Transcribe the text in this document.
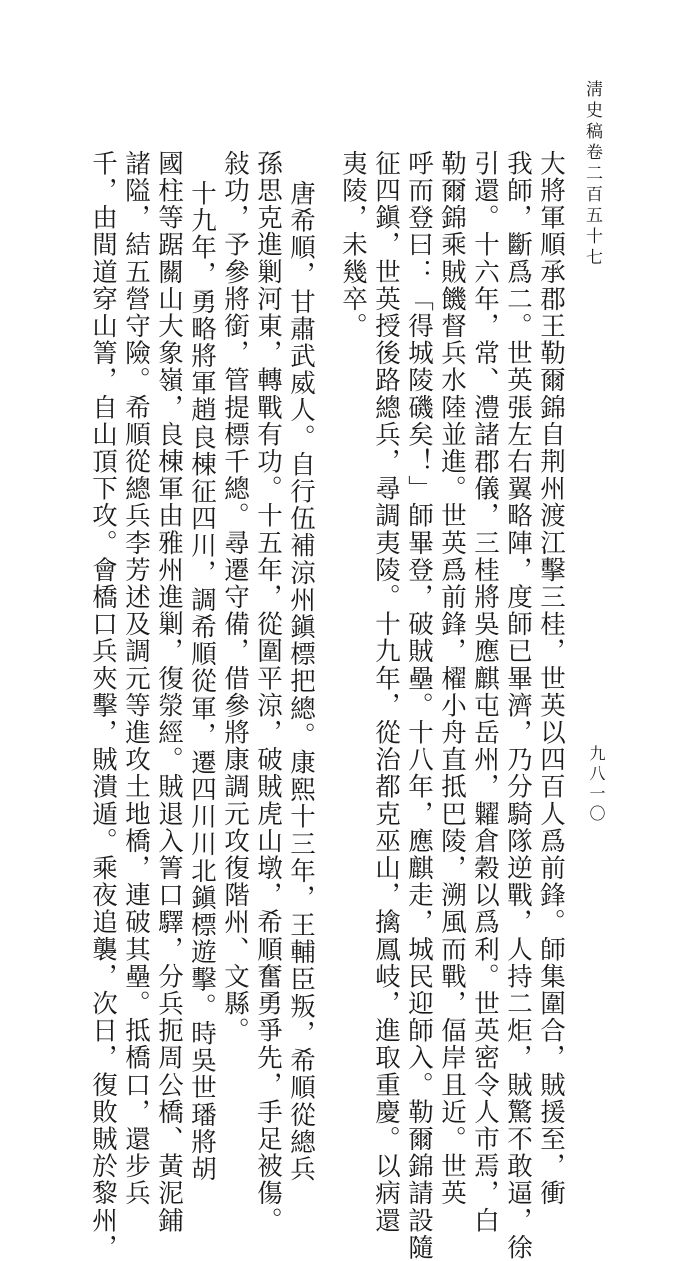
淸史稿卷二百五十七
九八一〇
大將軍順承郡王勒爾錦自荆州渡江擊三桂，世英以四百人爲前鋒。師集圍合，賊援至，衝
我師，斷爲二。世英張左右翼略陣，度師已畢濟，乃分騎隊逆戰，人持二炬，賊驚不敢逼，徐
引還。十六年，常、澧諸郡儀，三桂將吳應麒屯岳州，糶倉穀以爲利。世英密令人市焉，白
勒爾錦乘賊饑督兵水陸並進。世英爲前鋒，櫂小舟直抵巴陵，溯風而戰，偪岸且近。世英
呼而登曰：「得城陵磯矣！」師畢登，破賊壘。十八年，應麒走，城民迎師入。勒爾錦請設隨
征四鎭，世英授後路總兵，尋調夷陵。十九年，從治都克巫山，擒鳳岐，進取重慶。以病還
夷陵，未幾卒。
唐希順，甘肅武威人。自行伍補涼州鎭標把總。康熙十三年，王輔臣叛，希順從總兵
孫思克進剿河東，轉戰有功。十五年，從圍平涼，破賊虎山墩，希順奮勇爭先，手足被傷。
敍功，予參將銜，管提標千總。尋遷守備，借參將康調元攻復階州、文縣。
十九年，勇略將軍趙良棟征四川，調希順從軍，遷四川川北鎭標遊擊。時吳世璠將胡
國柱等踞關山大象嶺，良棟軍由雅州進剿，復滎經。賊退入箐口驛，分兵扼周公橋、黃泥鋪
諸隘，結五營守險。希順從總兵李芳述及調元等進攻土地橋，連破其壘。抵橋口，還步兵
千，由間道穿山箐，自山頂下攻。會橋口兵夾擊，賊潰遁。乘夜追襲，次日，復敗賊於黎州，
